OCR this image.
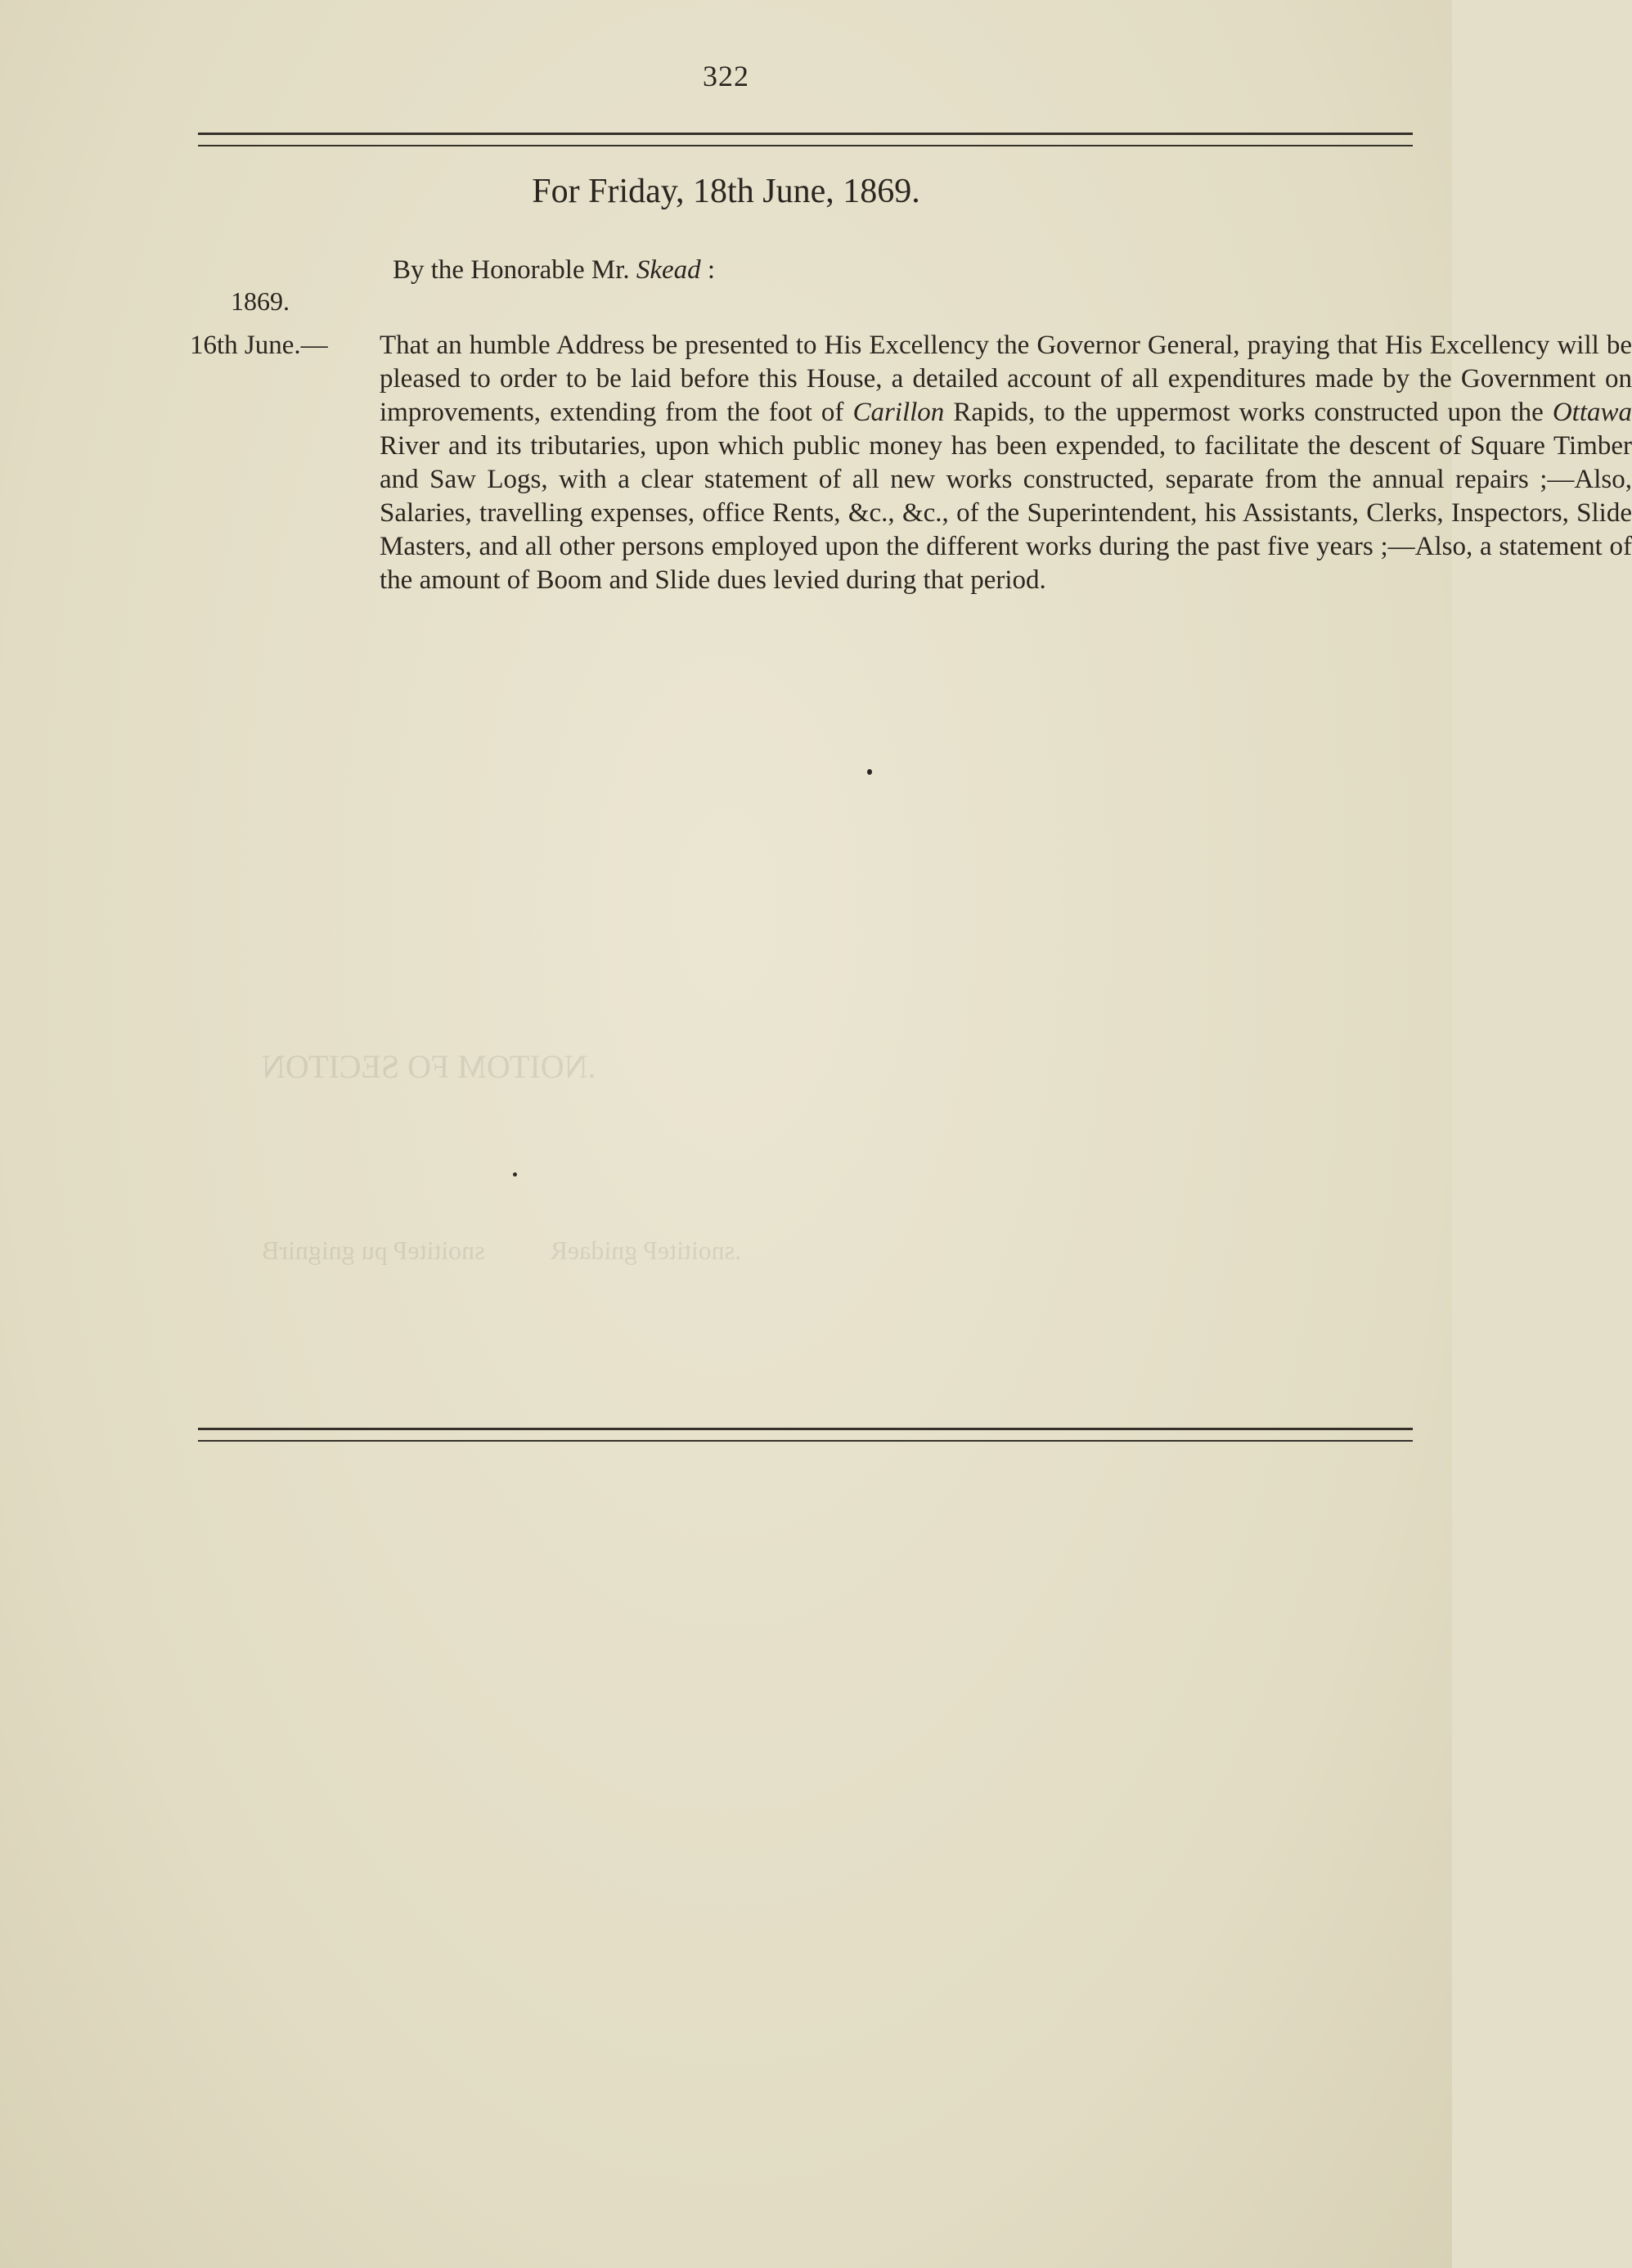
.NOITOM FO SECITON
.snoititeP gnidaeR          snoititeP pu gnignirB
322
For Friday, 18th June, 1869.
By the Honorable Mr. Skead :
1869.
16th June.— That an humble Address be presented to His Excellency the Governor General, praying that His Excellency will be pleased to order to be laid before this House, a detailed account of all expenditures made by the Government on improvements, extending from the foot of Carillon Rapids, to the uppermost works constructed upon the Ottawa River and its tributaries, upon which public money has been expended, to facilitate the descent of Square Timber and Saw Logs, with a clear statement of all new works constructed, separate from the annual repairs ;—Also, Salaries, travelling expenses, office Rents, &c., &c., of the Superintendent, his Assistants, Clerks, Inspectors, Slide Masters, and all other persons employed upon the different works during the past five years ;—Also, a statement of the amount of Boom and Slide dues levied during that period.
